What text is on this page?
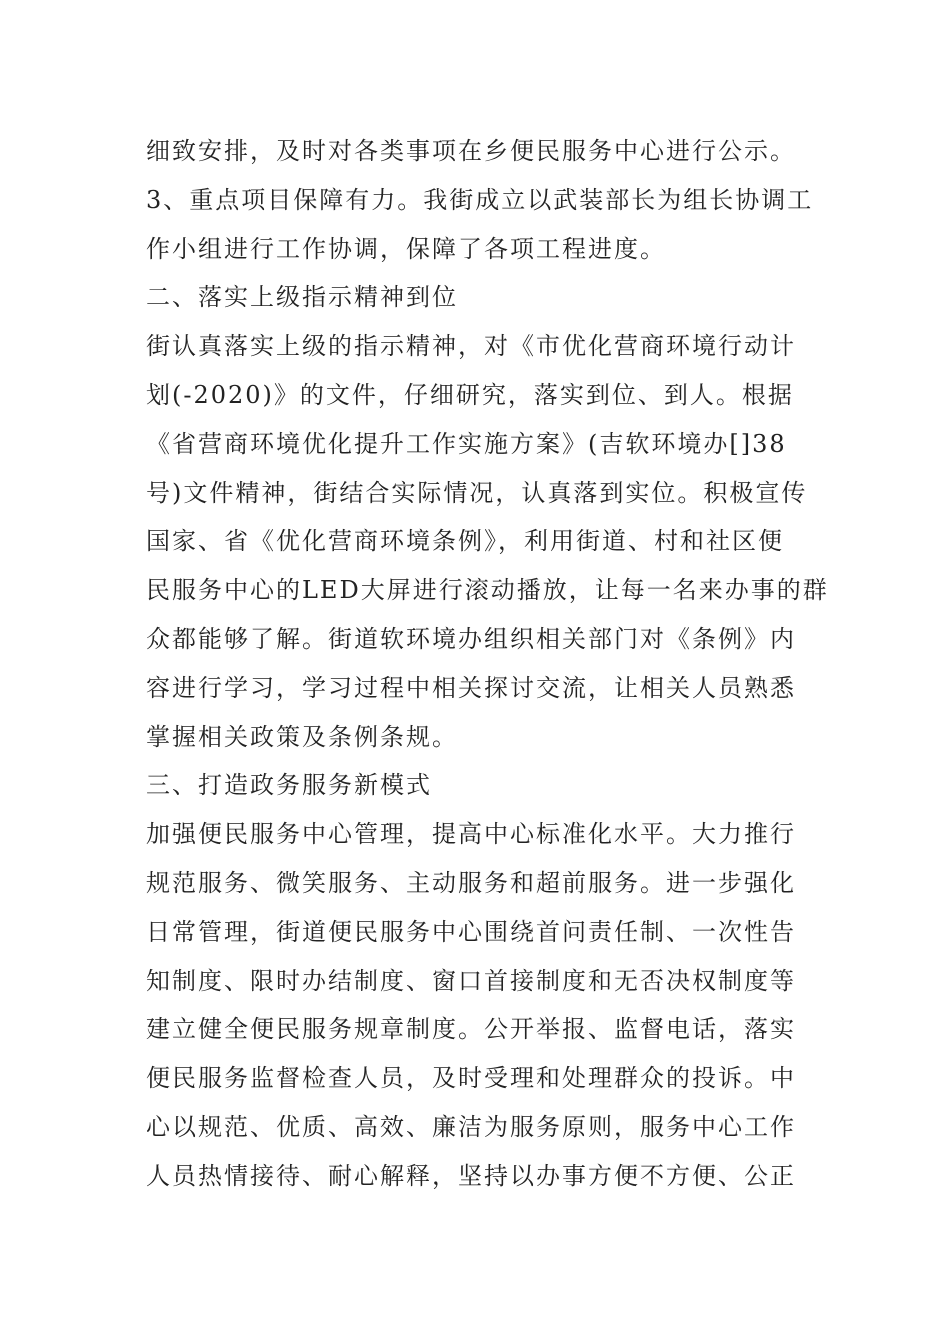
细致安排，及时对各类事项在乡便民服务中心进行公示。
3、重点项目保障有力。我街成立以武装部长为组长协调工
作小组进行工作协调，保障了各项工程进度。
二、落实上级指示精神到位
街认真落实上级的指示精神，对《市优化营商环境行动计
划(-2020)》的文件，仔细研究，落实到位、到人。根据
《省营商环境优化提升工作实施方案》(吉软环境办[]38
号)文件精神，街结合实际情况，认真落到实位。积极宣传
国家、省《优化营商环境条例》，利用街道、村和社区便
民服务中心的LED大屏进行滚动播放，让每一名来办事的群
众都能够了解。街道软环境办组织相关部门对《条例》内
容进行学习，学习过程中相关探讨交流，让相关人员熟悉
掌握相关政策及条例条规。
三、打造政务服务新模式
加强便民服务中心管理，提高中心标准化水平。大力推行
规范服务、微笑服务、主动服务和超前服务。进一步强化
日常管理，街道便民服务中心围绕首问责任制、一次性告
知制度、限时办结制度、窗口首接制度和无否决权制度等
建立健全便民服务规章制度。公开举报、监督电话，落实
便民服务监督检查人员，及时受理和处理群众的投诉。中
心以规范、优质、高效、廉洁为服务原则，服务中心工作
人员热情接待、耐心解释，坚持以办事方便不方便、公正
